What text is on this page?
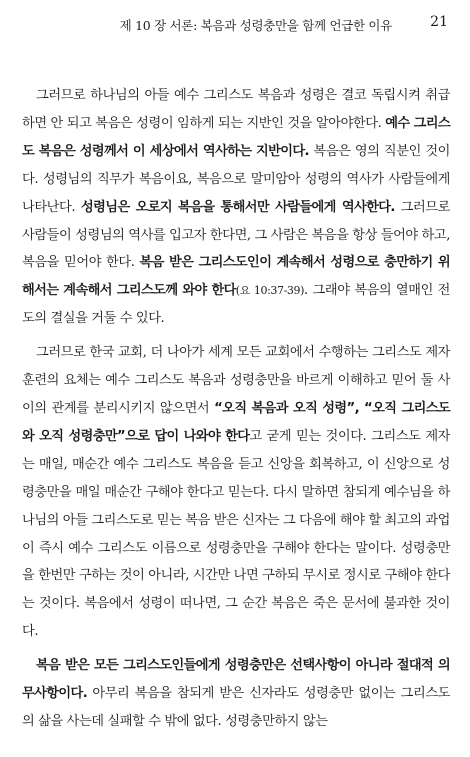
제 10 장 서론: 복음과 성령충만을 함께 언급한 이유	21

그러므로 하나님의 아들 예수 그리스도 복음과 성령은 결코 독립시켜 취급하면 안 되고 복음은 성령이 임하게 되는 지반인 것을 알아야한다. 예수 그리스도 복음은 성령께서 이 세상에서 역사하는 지반이다. 복음은 영의 직분인 것이다. 성령님의 직무가 복음이요, 복음으로 말미암아 성령의 역사가 사람들에게 나타난다. 성령님은 오로지 복음을 통해서만 사람들에게 역사한다. 그러므로 사람들이 성령님의 역사를 입고자 한다면, 그 사람은 복음을 항상 들어야 하고, 복음을 믿어야 한다. 복음 받은 그리스도인이 계속해서 성령으로 충만하기 위해서는 계속해서 그리스도께 와야 한다(요 10:37-39). 그래야 복음의 열매인 전도의 결실을 거둘 수 있다.

그러므로 한국 교회, 더 나아가 세계 모든 교회에서 수행하는 그리스도 제자 훈련의 요체는 예수 그리스도 복음과 성령충만을 바르게 이해하고 믿어 둘 사이의 관계를 분리시키지 않으면서 “오직 복음과 오직 성령”, “오직 그리스도와 오직 성령충만”으로 답이 나와야 한다고 굳게 믿는 것이다. 그리스도 제자는 매일, 매순간 예수 그리스도 복음을 듣고 신앙을 회복하고, 이 신앙으로 성령충만을 매일 매순간 구해야 한다고 믿는다. 다시 말하면 참되게 예수님을 하나님의 아들 그리스도로 믿는 복음 받은 신자는 그 다음에 해야 할 최고의 과업이 즉시 예수 그리스도 이름으로 성령충만을 구해야 한다는 말이다. 성령충만을 한번만 구하는 것이 아니라, 시간만 나면 구하되 무시로 정시로 구해야 한다는 것이다. 복음에서 성령이 떠나면, 그 순간 복음은 죽은 문서에 불과한 것이다.

복음 받은 모든 그리스도인들에게 성령충만은 선택사항이 아니라 절대적 의무사항이다. 아무리 복음을 참되게 받은 신자라도 성령충만 없이는 그리스도의 삶을 사는데 실패할 수 밖에 없다. 성령충만하지 않는
